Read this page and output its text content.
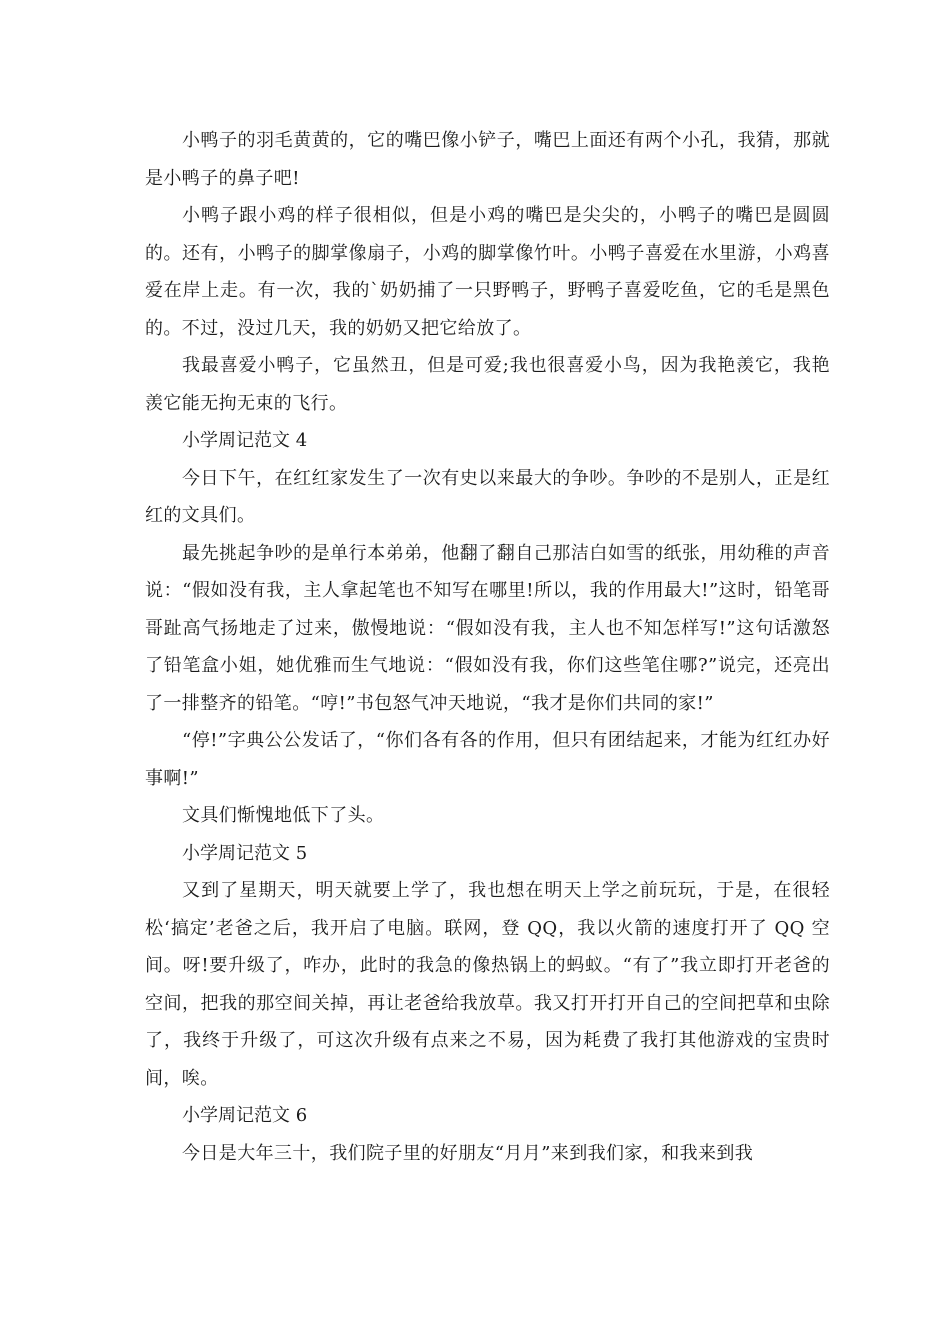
小鸭子的羽毛黄黄的，它的嘴巴像小铲子，嘴巴上面还有两个小孔，我猜，那就是小鸭子的鼻子吧!

小鸭子跟小鸡的样子很相似，但是小鸡的嘴巴是尖尖的，小鸭子的嘴巴是圆圆的。还有，小鸭子的脚掌像扇子，小鸡的脚掌像竹叶。小鸭子喜爱在水里游，小鸡喜爱在岸上走。有一次，我的`奶奶捕了一只野鸭子，野鸭子喜爱吃鱼，它的毛是黑色的。不过，没过几天，我的奶奶又把它给放了。

我最喜爱小鸭子，它虽然丑，但是可爱;我也很喜爱小鸟，因为我艳羡它，我艳羡它能无拘无束的飞行。

小学周记范文 4

今日下午，在红红家发生了一次有史以来最大的争吵。争吵的不是别人，正是红红的文具们。

最先挑起争吵的是单行本弟弟，他翻了翻自己那洁白如雪的纸张，用幼稚的声音说：“假如没有我，主人拿起笔也不知写在哪里!所以，我的作用最大!”这时，铅笔哥哥趾高气扬地走了过来，傲慢地说：“假如没有我，主人也不知怎样写!”这句话激怒了铅笔盒小姐，她优雅而生气地说：“假如没有我，你们这些笔住哪?”说完，还亮出了一排整齐的铅笔。“哼!”书包怒气冲天地说，“我才是你们共同的家!”

“停!”字典公公发话了，“你们各有各的作用，但只有团结起来，才能为红红办好事啊!”

文具们惭愧地低下了头。

小学周记范文 5

又到了星期天，明天就要上学了，我也想在明天上学之前玩玩，于是，在很轻松‘搞定’老爸之后，我开启了电脑。联网，登 QQ，我以火箭的速度打开了 QQ 空间。呀!要升级了，咋办，此时的我急的像热锅上的蚂蚁。“有了”我立即打开老爸的空间，把我的那空间关掉，再让老爸给我放草。我又打开打开自己的空间把草和虫除了，我终于升级了，可这次升级有点来之不易，因为耗费了我打其他游戏的宝贵时间，唉。

小学周记范文 6

今日是大年三十，我们院子里的好朋友“月月”来到我们家，和我来到我
